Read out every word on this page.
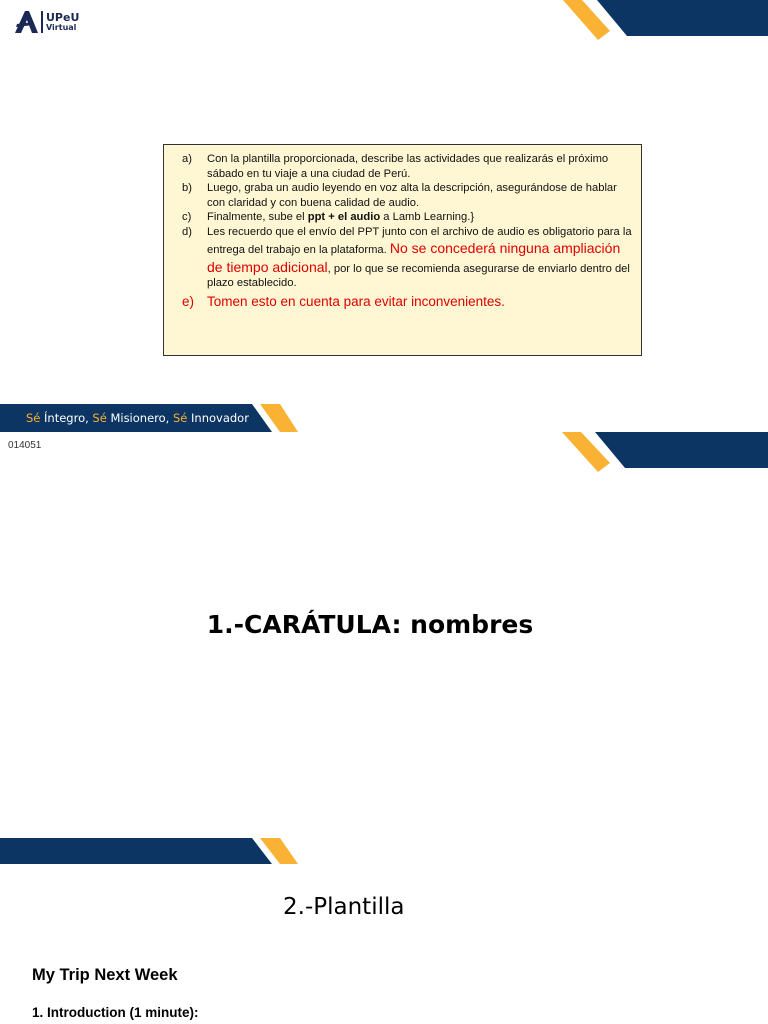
UPeU
Virtual
a)	Con la plantilla proporcionada, describe las actividades que realizarás el próximo sábado en tu viaje a una ciudad de Perú.
b)	Luego, graba un audio leyendo en voz alta la descripción, asegurándose de hablar con claridad y con buena calidad de audio.
c)	Finalmente, sube el ppt + el audio a Lamb Learning.}
d)	Les recuerdo que el envío del PPT junto con el archivo de audio es obligatorio para la entrega del trabajo en la plataforma. No se concederá ninguna ampliación de tiempo adicional, por lo que se recomienda asegurarse de enviarlo dentro del plazo establecido.
e) Tomen esto en cuenta para evitar inconvenientes.
Sé Íntegro, Sé Misionero, Sé Innovador
014051
1.-CARÁTULA: nombres
2.-Plantilla
My Trip Next Week
1. Introduction (1 minute):
